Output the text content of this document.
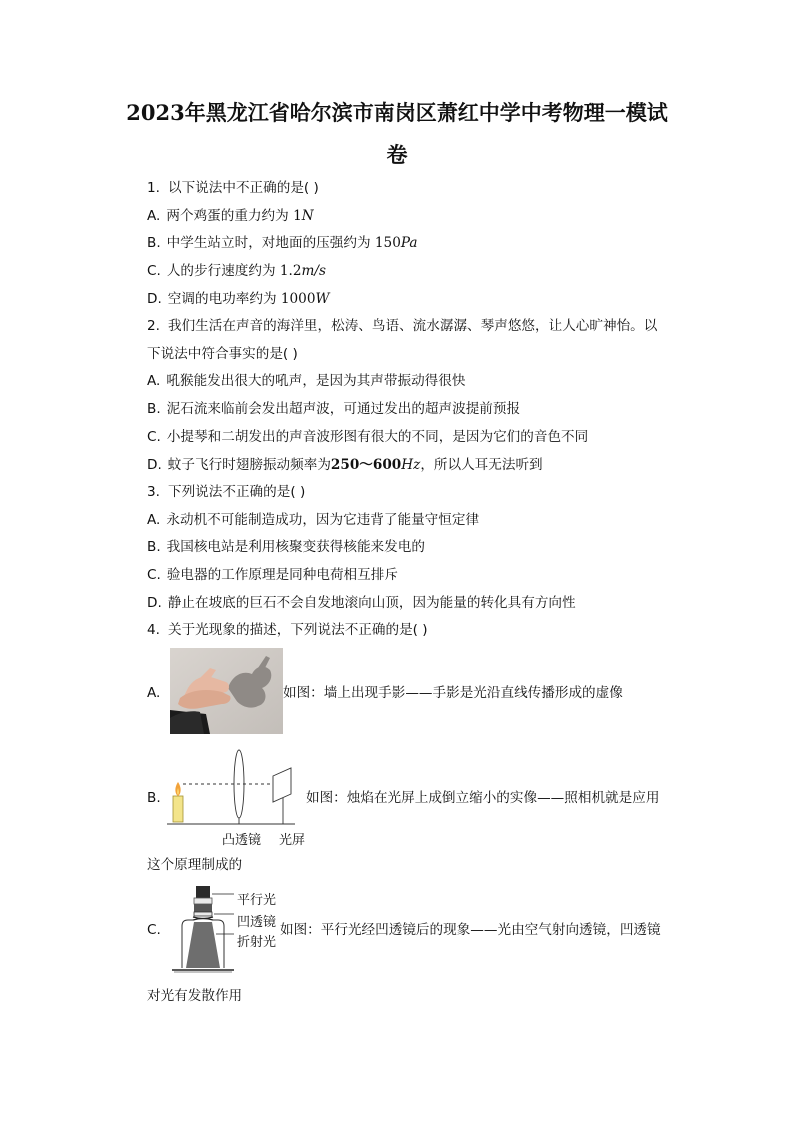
2023年黑龙江省哈尔滨市南岗区萧红中学中考物理一模试
卷
1. 以下说法中不正确的是( )
A. 两个鸡蛋的重力约为 1N
B. 中学生站立时，对地面的压强约为 150Pa
C. 人的步行速度约为 1.2m/s
D. 空调的电功率约为 1000W
2. 我们生活在声音的海洋里，松涛、鸟语、流水潺潺、琴声悠悠，让人心旷神怡。以
下说法中符合事实的是( )
A. 吼猴能发出很大的吼声，是因为其声带振动得很快
B. 泥石流来临前会发出超声波，可通过发出的超声波提前预报
C. 小提琴和二胡发出的声音波形图有很大的不同，是因为它们的音色不同
D. 蚊子飞行时翅膀振动频率为250～600Hz，所以人耳无法听到
3. 下列说法不正确的是( )
A. 永动机不可能制造成功，因为它违背了能量守恒定律
B. 我国核电站是利用核聚变获得核能来发电的
C. 验电器的工作原理是同种电荷相互排斥
D. 静止在坡底的巨石不会自发地滚向山顶，因为能量的转化具有方向性
4. 关于光现象的描述，下列说法不正确的是( )
A.	如图：墙上出现手影——手影是光沿直线传播形成的虚像
B.
凸透镜 光屏
如图：烛焰在光屏上成倒立缩小的实像——照相机就是应用
这个原理制成的
C.
平行光
凹透镜
折射光
如图：平行光经凹透镜后的现象——光由空气射向透镜，凹透镜
对光有发散作用
